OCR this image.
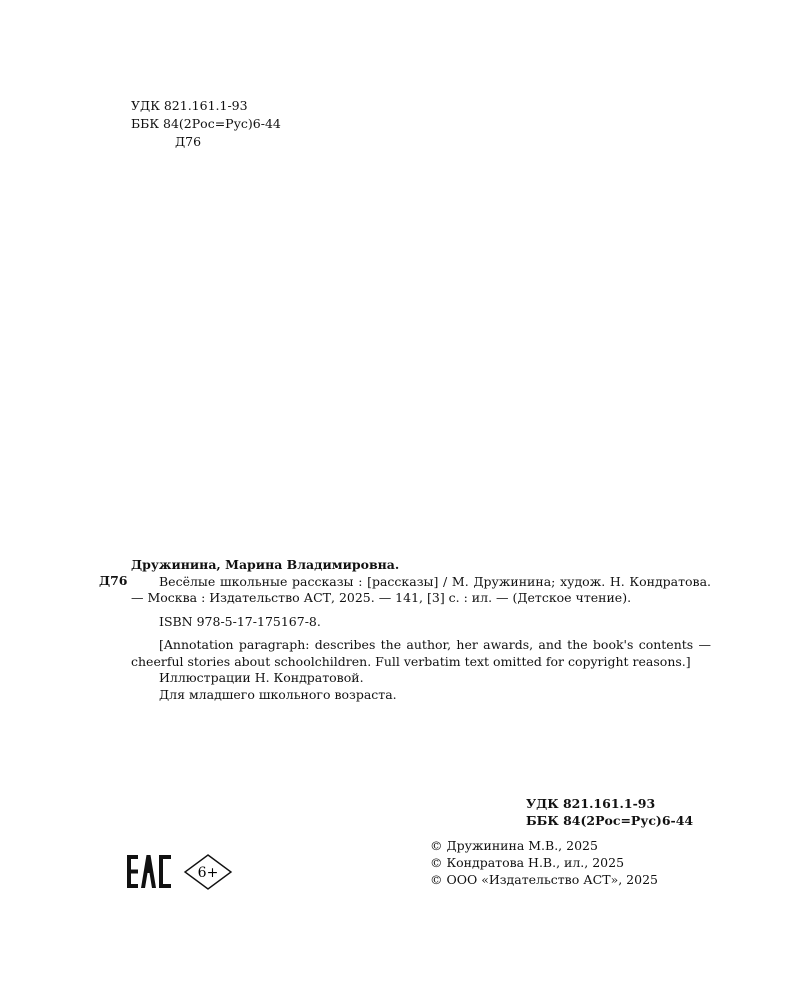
УДК 821.161.1-93
ББК 84(2Рос=Рус)6-44
Д76
Д76
Дружинина, Марина Владимировна.

Весёлые школьные рассказы : [рассказы] / М. Дружинина; худож. Н. Кондратова. — Москва : Издательство АСТ, 2025. — 141, [3] с. : ил. — (Детское чтение).

ISBN 978-5-17-175167-8.

[Annotation paragraph: describes the author, her awards, and the book's contents — cheerful stories about schoolchildren. Full verbatim text omitted for copyright reasons.]

Иллюстрации Н. Кондратовой.

Для младшего школьного возраста.

УДК 821.161.1-93
ББК 84(2Рос=Рус)6-44
© Дружинина М.В., 2025
© Кондратова Н.В., ил., 2025
© ООО «Издательство АСТ», 2025
6+
